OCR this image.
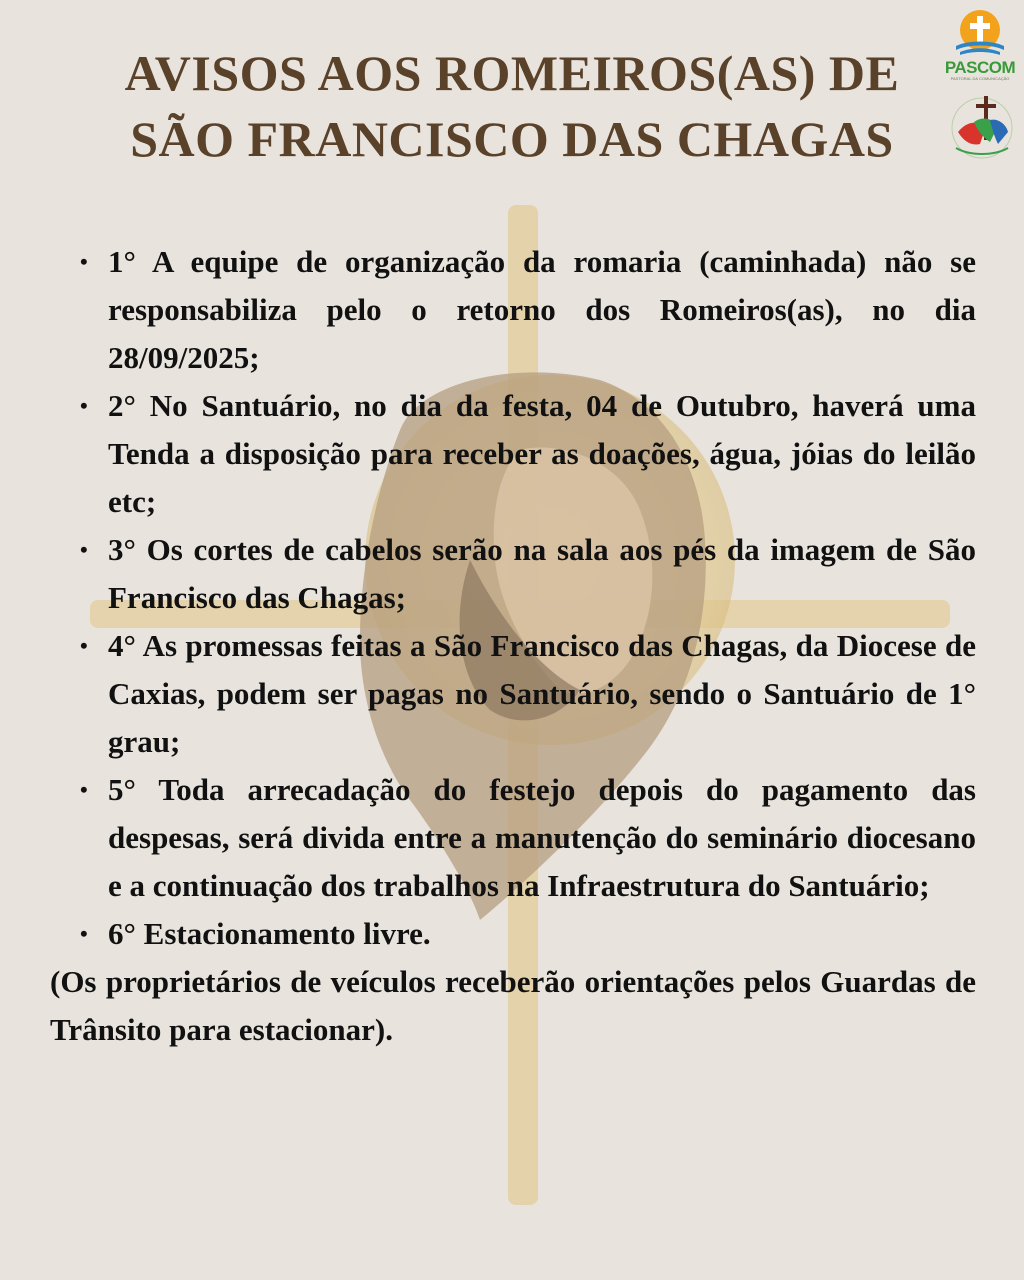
AVISOS AOS ROMEIROS(AS) DE
SÃO FRANCISCO DAS CHAGAS
PASCOM
PASTORAL DA COMUNICAÇÃO
• 1° A equipe de organização da romaria (caminhada) não se responsabiliza pelo o retorno dos Romeiros(as), no dia 28/09/2025;
• 2° No Santuário, no dia da festa, 04 de Outubro, haverá uma Tenda a disposição para receber as doações, água, jóias do leilão etc;
• 3° Os cortes de cabelos serão na sala aos pés da imagem de São Francisco das Chagas;
• 4° As promessas feitas a São Francisco das Chagas, da Diocese de Caxias, podem ser pagas no Santuário, sendo o Santuário de 1° grau;
• 5° Toda arrecadação do festejo depois do pagamento das despesas, será divida entre a manutenção do seminário diocesano e a continuação dos trabalhos na Infraestrutura do Santuário;
• 6° Estacionamento livre.

(Os proprietários de veículos receberão orientações pelos Guardas de Trânsito para estacionar).
